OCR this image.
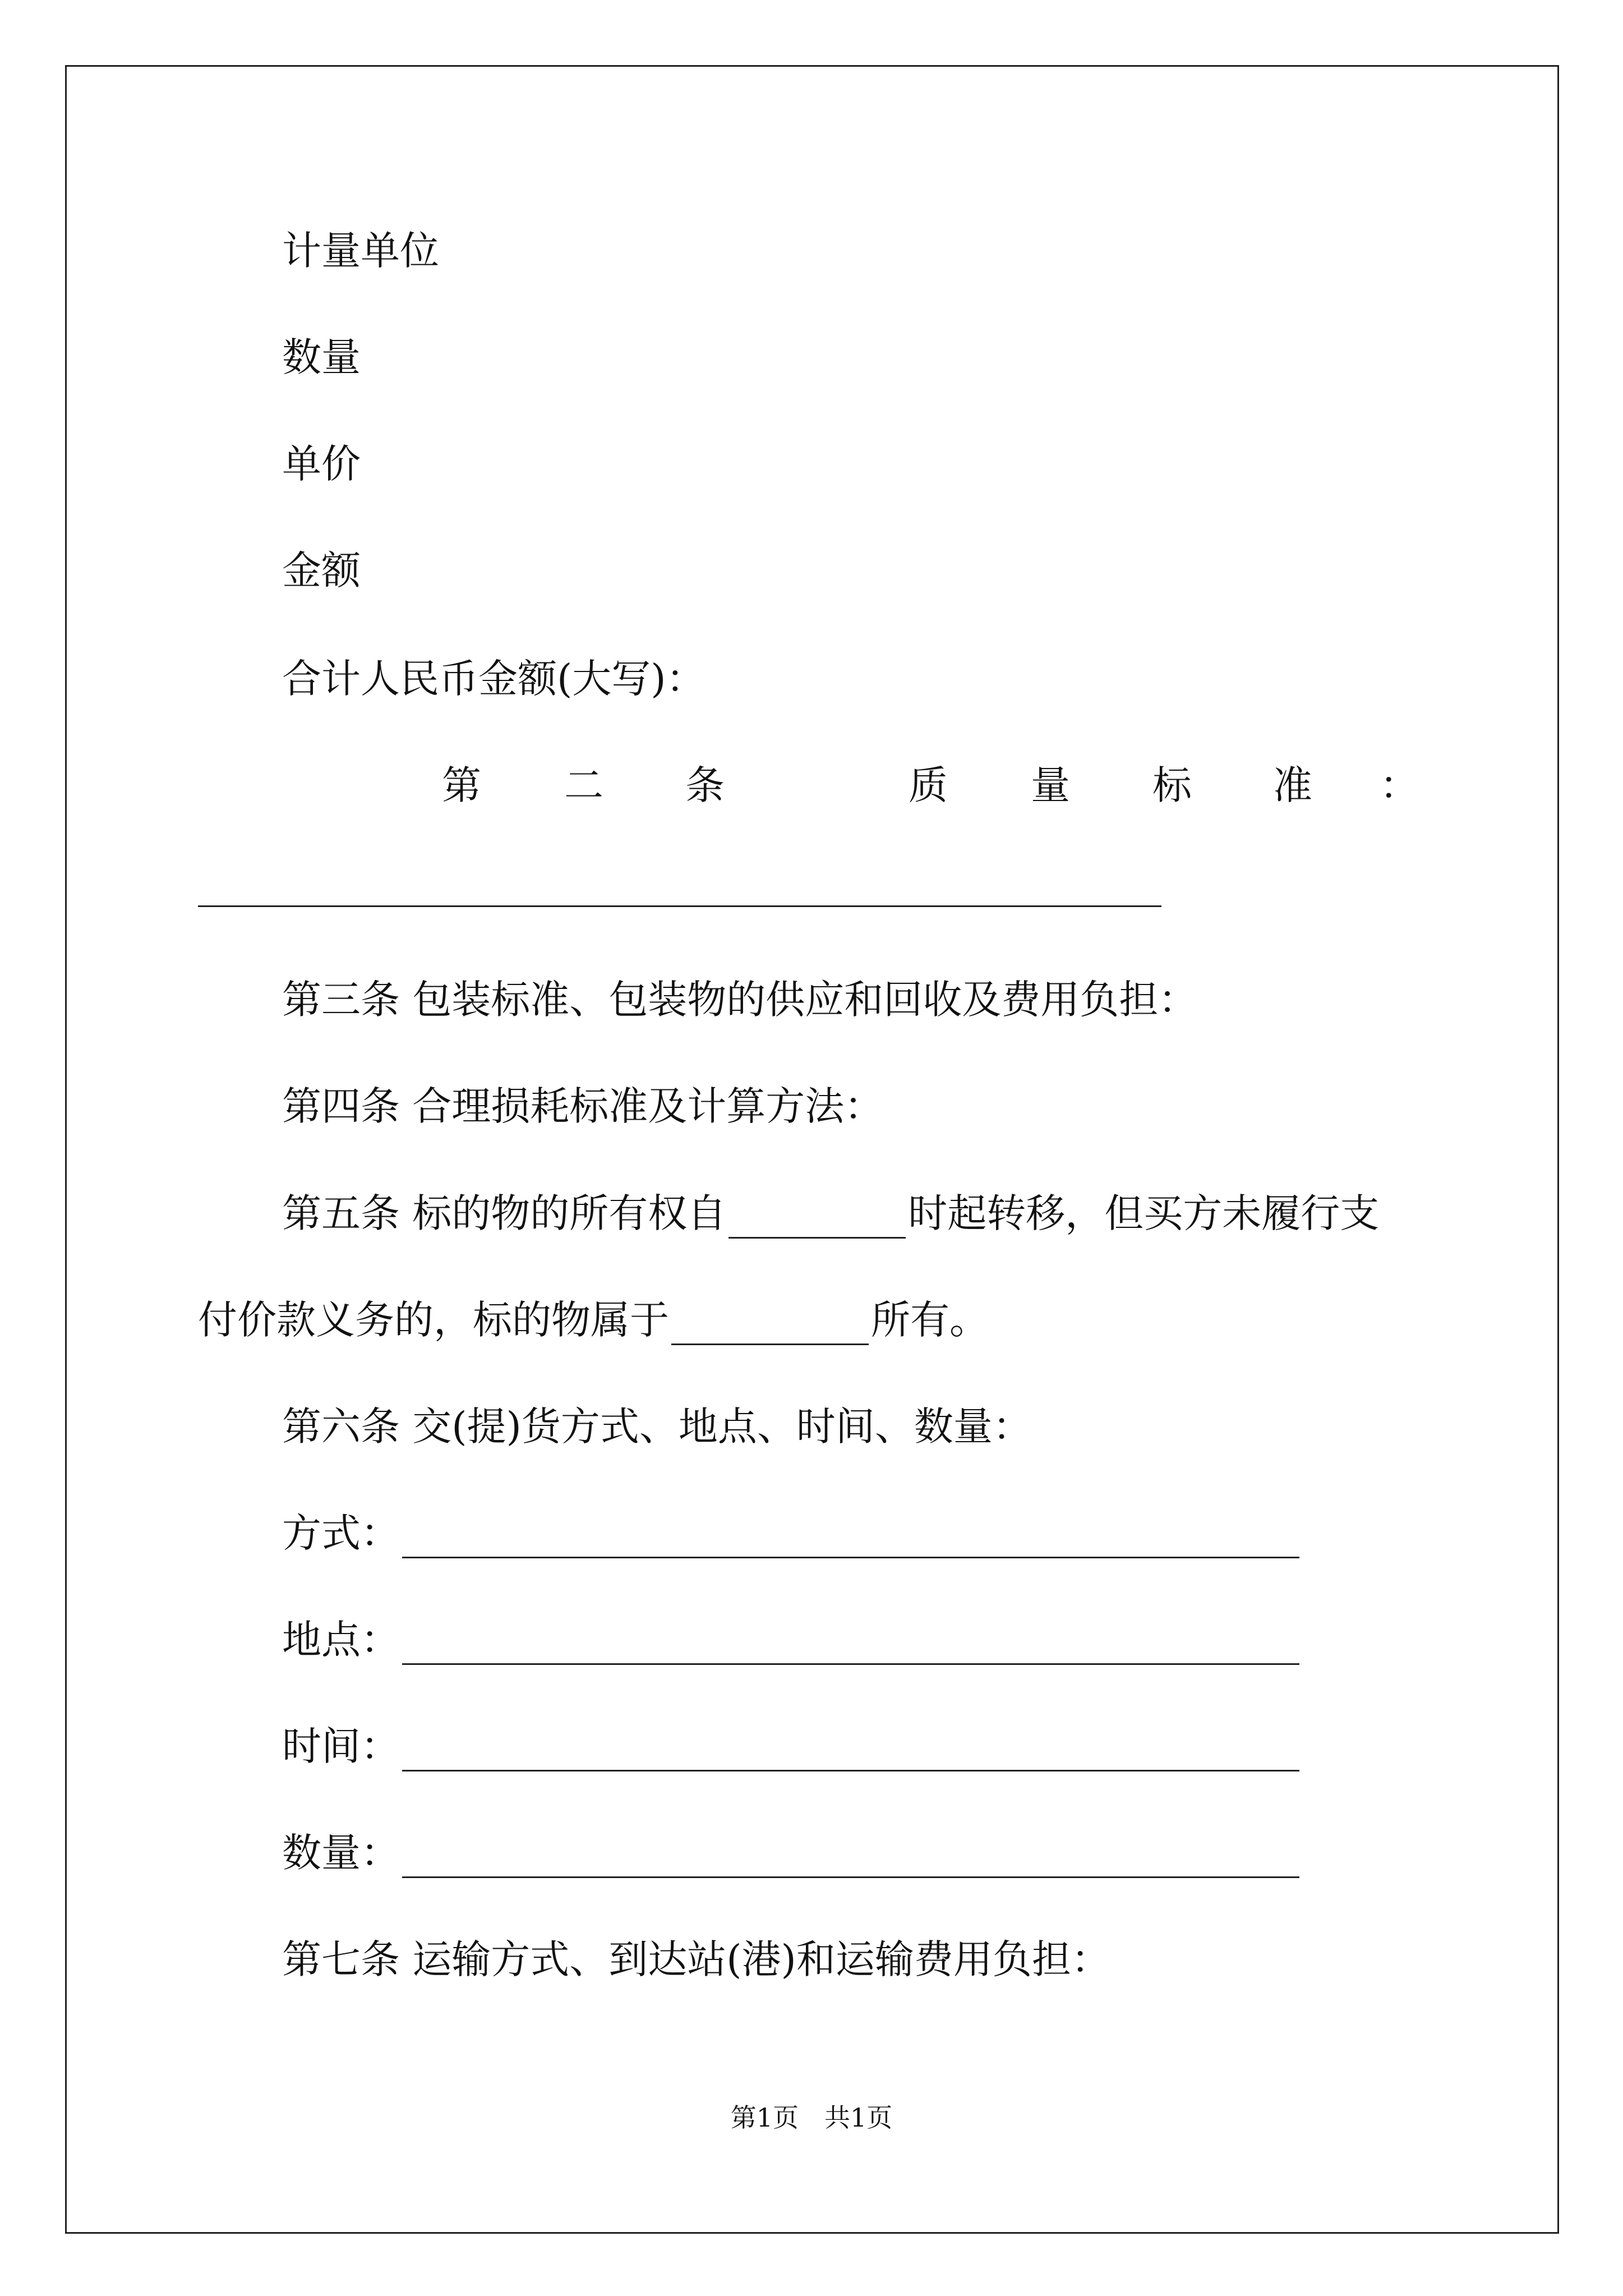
计量单位
数量
单价
金额
合计人民币金额(大写)：
第 二 条	质 量 标 准 ：
第三条 包装标准、包装物的供应和回收及费用负担：
第四条 合理损耗标准及计算方法：
第五条 标的物的所有权自	时起转移，但买方未履行支
付价款义务的，标的物属于	所有。
第六条 交(提)货方式、地点、时间、数量：
方式：
地点：
时间：
数量：
第七条 运输方式、到达站(港)和运输费用负担：
第1页　共1页
